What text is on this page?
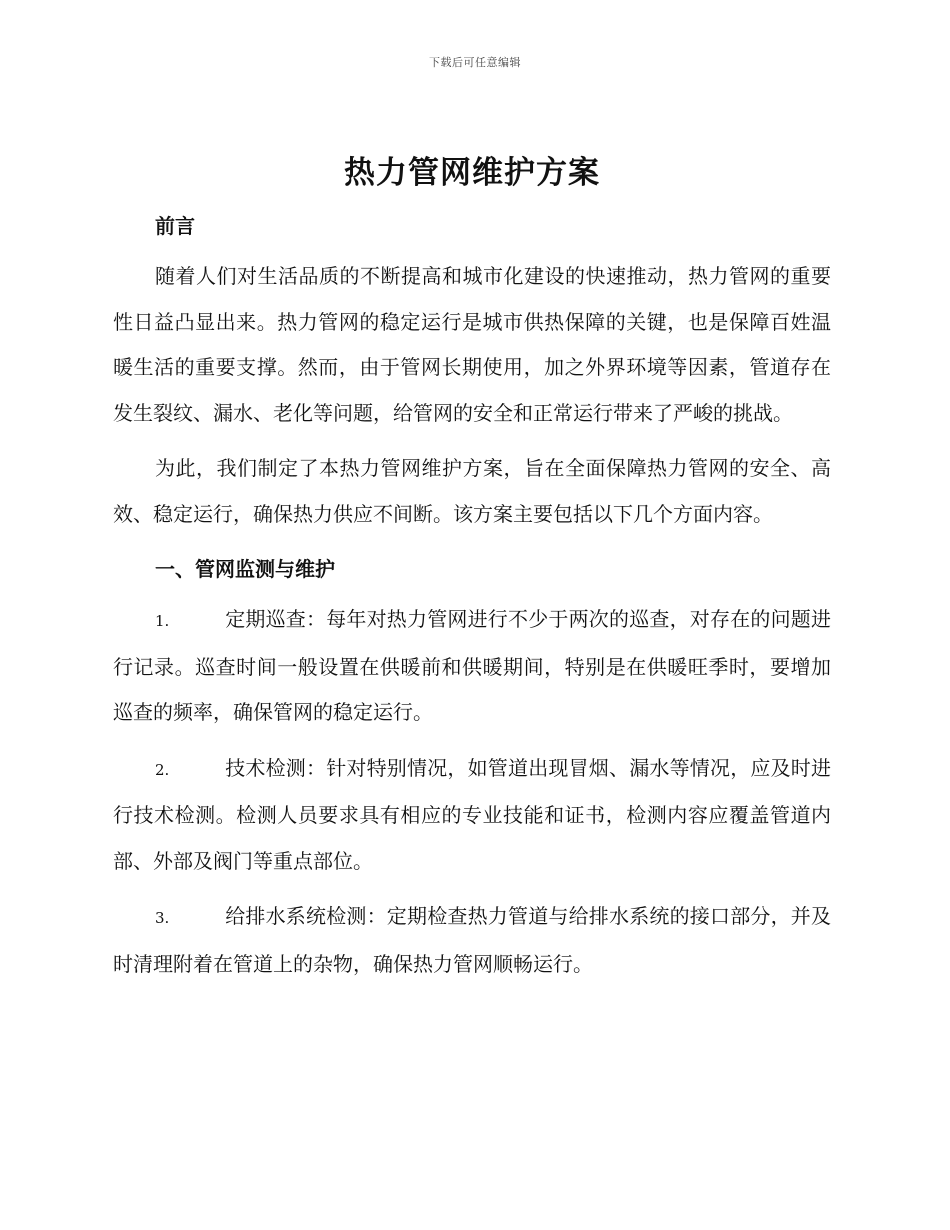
下载后可任意编辑
热力管网维护方案
前言

随着人们对生活品质的不断提高和城市化建设的快速推动，热力管网的重要性日益凸显出来。热力管网的稳定运行是城市供热保障的关键，也是保障百姓温暖生活的重要支撑。然而，由于管网长期使用，加之外界环境等因素，管道存在发生裂纹、漏水、老化等问题，给管网的安全和正常运行带来了严峻的挑战。

为此，我们制定了本热力管网维护方案，旨在全面保障热力管网的安全、高效、稳定运行，确保热力供应不间断。该方案主要包括以下几个方面内容。

一、管网监测与维护

1.	定期巡查：每年对热力管网进行不少于两次的巡查，对存在的问题进行记录。巡查时间一般设置在供暖前和供暖期间，特别是在供暖旺季时，要增加巡查的频率，确保管网的稳定运行。

2.	技术检测：针对特别情况，如管道出现冒烟、漏水等情况，应及时进行技术检测。检测人员要求具有相应的专业技能和证书，检测内容应覆盖管道内部、外部及阀门等重点部位。

3.	给排水系统检测：定期检查热力管道与给排水系统的接口部分，并及时清理附着在管道上的杂物，确保热力管网顺畅运行。
